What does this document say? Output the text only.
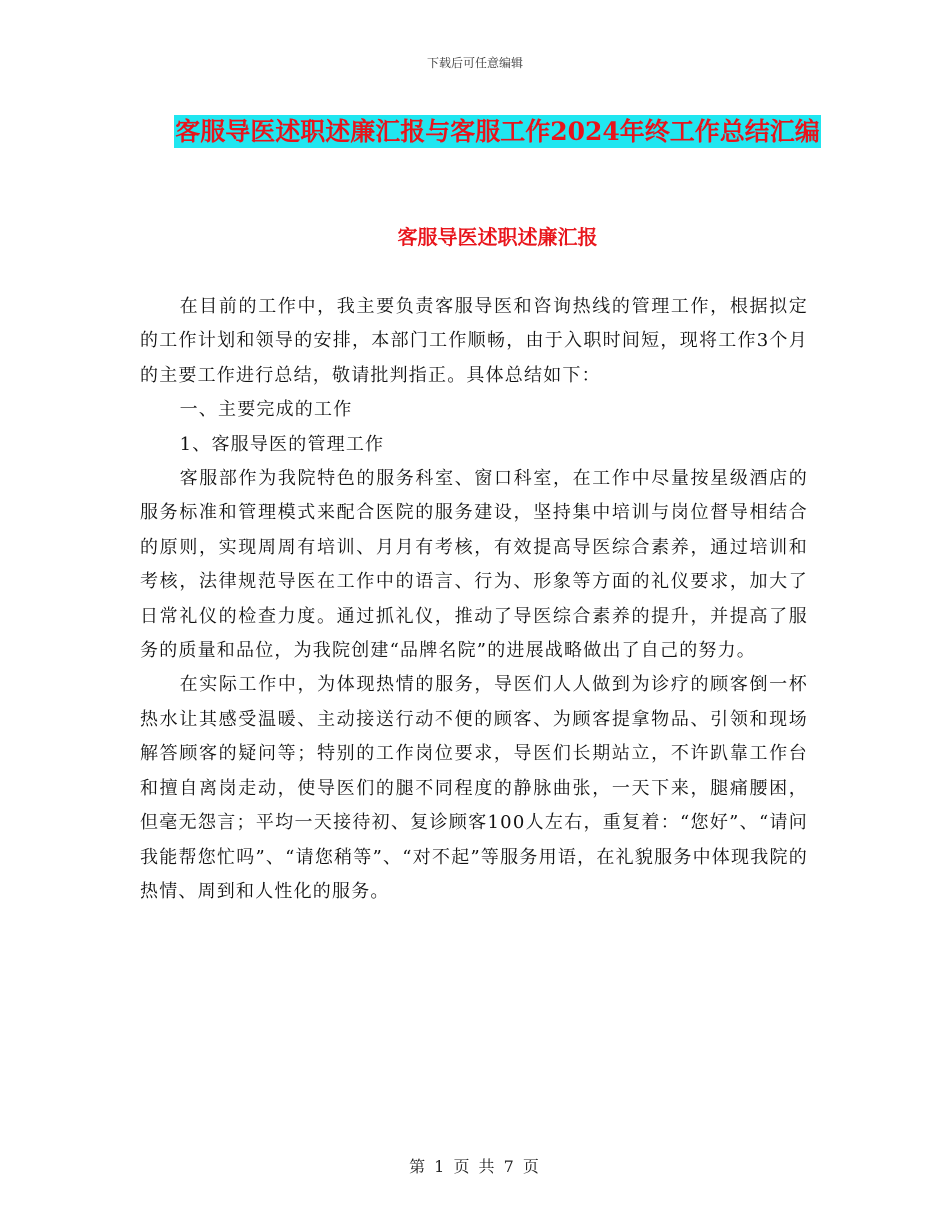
下载后可任意编辑
客服导医述职述廉汇报与客服工作2024年终工作总结汇编
客服导医述职述廉汇报

在目前的工作中，我主要负责客服导医和咨询热线的管理工作，根据拟定的工作计划和领导的安排，本部门工作顺畅，由于入职时间短，现将工作3个月的主要工作进行总结，敬请批判指正。具体总结如下：

一、主要完成的工作

1、客服导医的管理工作

客服部作为我院特色的服务科室、窗口科室，在工作中尽量按星级酒店的服务标准和管理模式来配合医院的服务建设，坚持集中培训与岗位督导相结合的原则，实现周周有培训、月月有考核，有效提高导医综合素养，通过培训和考核，法律规范导医在工作中的语言、行为、形象等方面的礼仪要求，加大了日常礼仪的检查力度。通过抓礼仪，推动了导医综合素养的提升，并提高了服务的质量和品位，为我院创建“品牌名院”的进展战略做出了自己的努力。

在实际工作中，为体现热情的服务，导医们人人做到为诊疗的顾客倒一杯热水让其感受温暖、主动接送行动不便的顾客、为顾客提拿物品、引领和现场解答顾客的疑问等；特别的工作岗位要求，导医们长期站立，不许趴靠工作台和擅自离岗走动，使导医们的腿不同程度的静脉曲张，一天下来，腿痛腰困，但毫无怨言；平均一天接待初、复诊顾客100人左右，重复着：“您好”、“请问我能帮您忙吗”、“请您稍等”、“对不起”等服务用语，在礼貌服务中体现我院的热情、周到和人性化的服务。

第 1 页 共 7 页
